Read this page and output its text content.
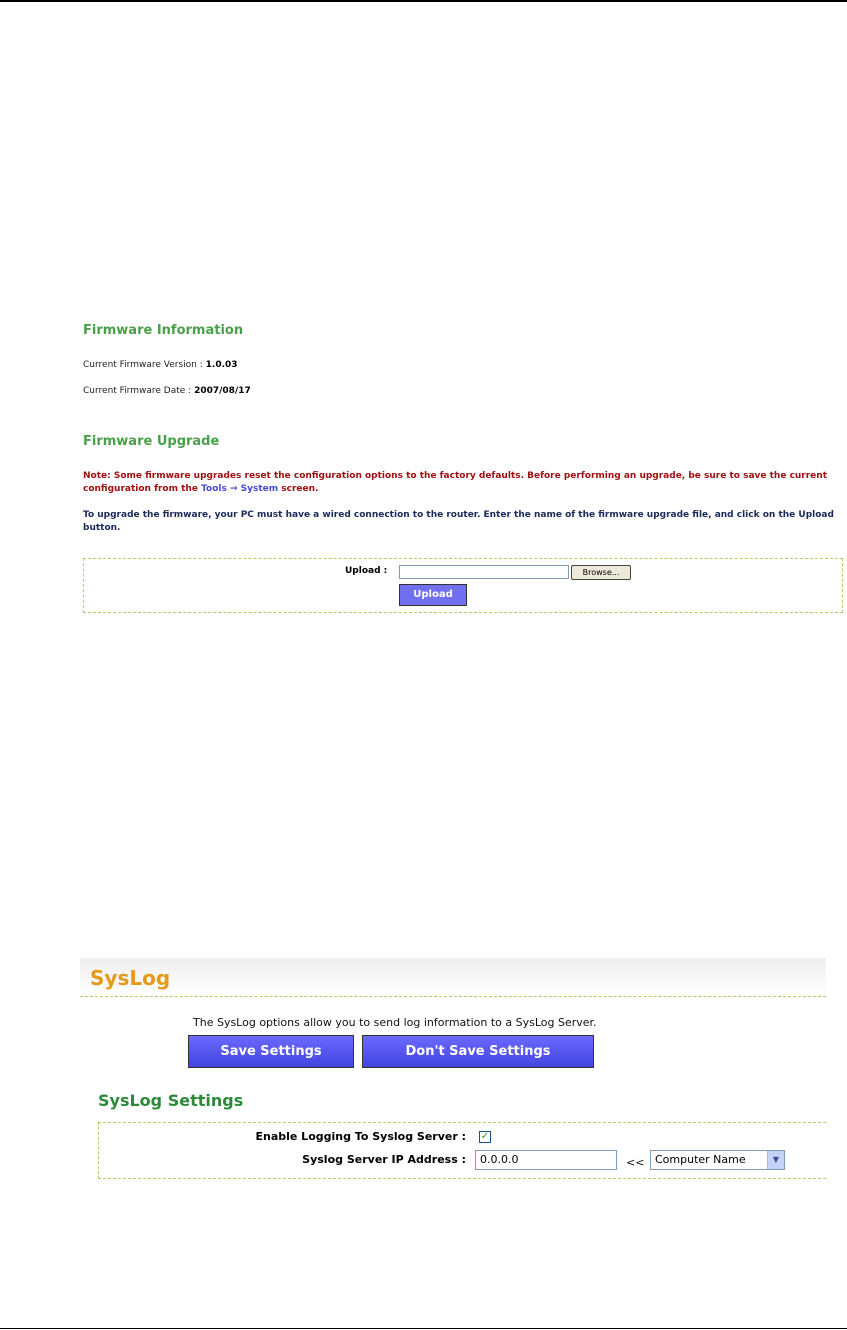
Firmware Information
Current Firmware Version : 1.0.03
Current Firmware Date : 2007/08/17
Firmware Upgrade
Note: Some firmware upgrades reset the configuration options to the factory defaults. Before performing an upgrade, be sure to save the current configuration from the Tools → System screen.
To upgrade the firmware, your PC must have a wired connection to the router. Enter the name of the firmware upgrade file, and click on the Upload button.
Upload :	Browse...
Upload
SysLog
The SysLog options allow you to send log information to a SysLog Server.
Save Settings	Don't Save Settings
SysLog Settings
Enable Logging To Syslog Server : ✓
Syslog Server IP Address :	0.0.0.0	<< Computer Name	▼
